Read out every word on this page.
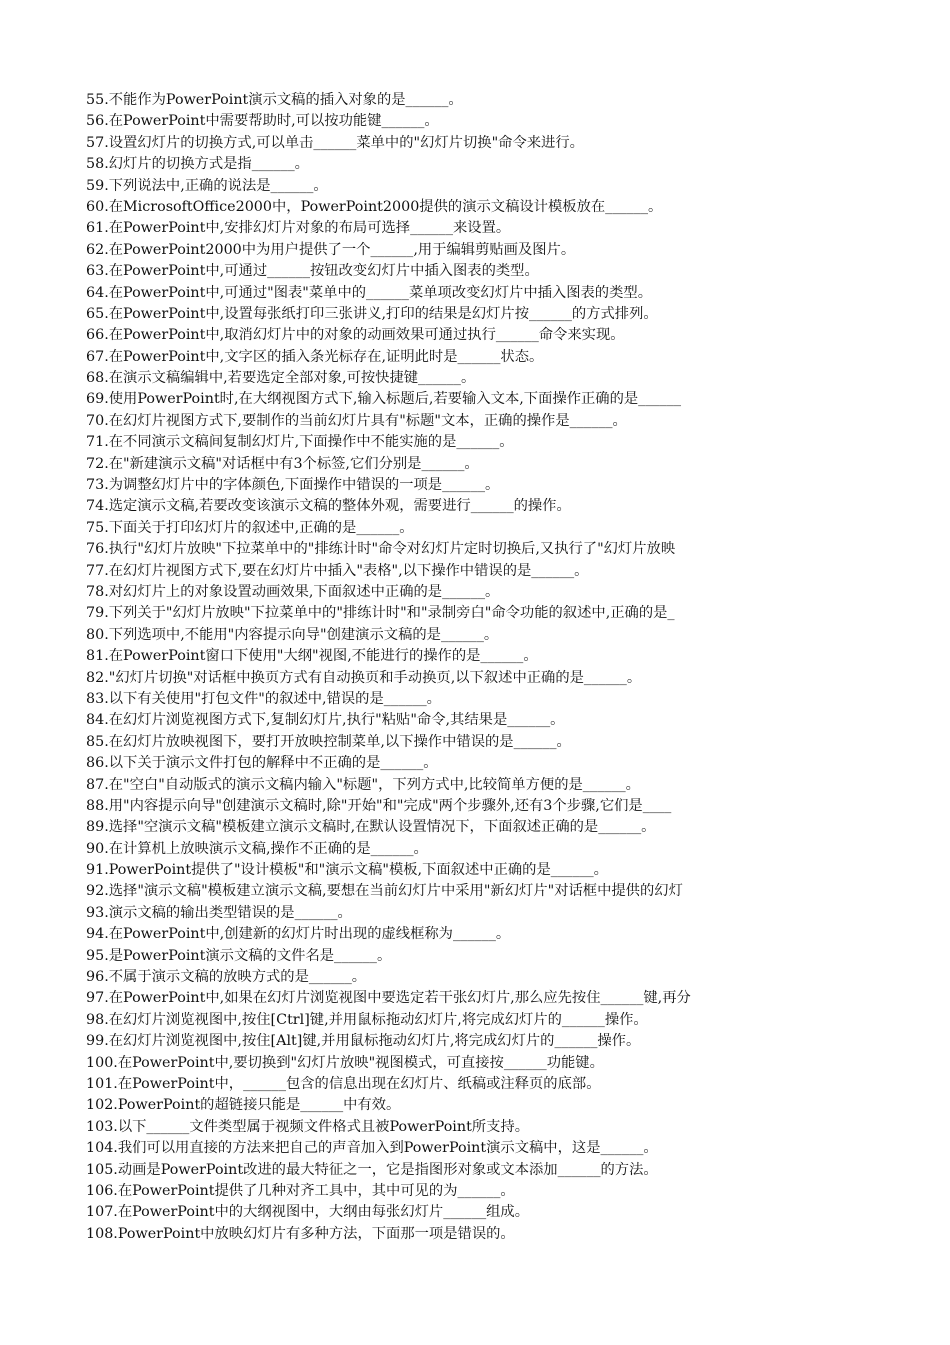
55.不能作为PowerPoint演示文稿的插入对象的是______。
56.在PowerPoint中需要帮助时,可以按功能键______。
57.设置幻灯片的切换方式,可以单击______菜单中的"幻灯片切换"命令来进行。
58.幻灯片的切换方式是指______。
59.下列说法中,正确的说法是______。
60.在MicrosoftOffice2000中，PowerPoint2000提供的演示文稿设计模板放在______。
61.在PowerPoint中,安排幻灯片对象的布局可选择______来设置。
62.在PowerPoint2000中为用户提供了一个______,用于编辑剪贴画及图片。
63.在PowerPoint中,可通过______按钮改变幻灯片中插入图表的类型。
64.在PowerPoint中,可通过"图表"菜单中的______菜单项改变幻灯片中插入图表的类型。
65.在PowerPoint中,设置每张纸打印三张讲义,打印的结果是幻灯片按______的方式排列。
66.在PowerPoint中,取消幻灯片中的对象的动画效果可通过执行______命令来实现。
67.在PowerPoint中,文字区的插入条光标存在,证明此时是______状态。
68.在演示文稿编辑中,若要选定全部对象,可按快捷键______。
69.使用PowerPoint时,在大纲视图方式下,输入标题后,若要输入文本,下面操作正确的是______
70.在幻灯片视图方式下,要制作的当前幻灯片具有"标题"文本，正确的操作是______。
71.在不同演示文稿间复制幻灯片,下面操作中不能实施的是______。
72.在"新建演示文稿"对话框中有3个标签,它们分别是______。
73.为调整幻灯片中的字体颜色,下面操作中错误的一项是______。
74.选定演示文稿,若要改变该演示文稿的整体外观，需要进行______的操作。
75.下面关于打印幻灯片的叙述中,正确的是______。
76.执行"幻灯片放映"下拉菜单中的"排练计时"命令对幻灯片定时切换后,又执行了"幻灯片放映
77.在幻灯片视图方式下,要在幻灯片中插入"表格",以下操作中错误的是______。
78.对幻灯片上的对象设置动画效果,下面叙述中正确的是______。
79.下列关于"幻灯片放映"下拉菜单中的"排练计时"和"录制旁白"命令功能的叙述中,正确的是_
80.下列选项中,不能用"内容提示向导"创建演示文稿的是______。
81.在PowerPoint窗口下使用"大纲"视图,不能进行的操作的是______。
82."幻灯片切换"对话框中换页方式有自动换页和手动换页,以下叙述中正确的是______。
83.以下有关使用"打包文件"的叙述中,错误的是______。
84.在幻灯片浏览视图方式下,复制幻灯片,执行"粘贴"命令,其结果是______。
85.在幻灯片放映视图下，要打开放映控制菜单,以下操作中错误的是______。
86.以下关于演示文件打包的解释中不正确的是______。
87.在"空白"自动版式的演示文稿内输入"标题"，下列方式中,比较简单方便的是______。
88.用"内容提示向导"创建演示文稿时,除"开始"和"完成"两个步骤外,还有3个步骤,它们是____
89.选择"空演示文稿"模板建立演示文稿时,在默认设置情况下，下面叙述正确的是______。
90.在计算机上放映演示文稿,操作不正确的是______。
91.PowerPoint提供了"设计模板"和"演示文稿"模板,下面叙述中正确的是______。
92.选择"演示文稿"模板建立演示文稿,要想在当前幻灯片中采用"新幻灯片"对话框中提供的幻灯
93.演示文稿的输出类型错误的是______。
94.在PowerPoint中,创建新的幻灯片时出现的虚线框称为______。
95.是PowerPoint演示文稿的文件名是______。
96.不属于演示文稿的放映方式的是______。
97.在PowerPoint中,如果在幻灯片浏览视图中要选定若干张幻灯片,那么应先按住______键,再分
98.在幻灯片浏览视图中,按住[Ctrl]键,并用鼠标拖动幻灯片,将完成幻灯片的______操作。
99.在幻灯片浏览视图中,按住[Alt]键,并用鼠标拖动幻灯片,将完成幻灯片的______操作。
100.在PowerPoint中,要切换到"幻灯片放映"视图模式，可直接按______功能键。
101.在PowerPoint中，______包含的信息出现在幻灯片、纸稿或注释页的底部。
102.PowerPoint的超链接只能是______中有效。
103.以下______文件类型属于视频文件格式且被PowerPoint所支持。
104.我们可以用直接的方法来把自己的声音加入到PowerPoint演示文稿中，这是______。
105.动画是PowerPoint改进的最大特征之一，它是指图形对象或文本添加______的方法。
106.在PowerPoint提供了几种对齐工具中，其中可见的为______。
107.在PowerPoint中的大纲视图中，大纲由每张幻灯片______组成。
108.PowerPoint中放映幻灯片有多种方法，下面那一项是错误的。
